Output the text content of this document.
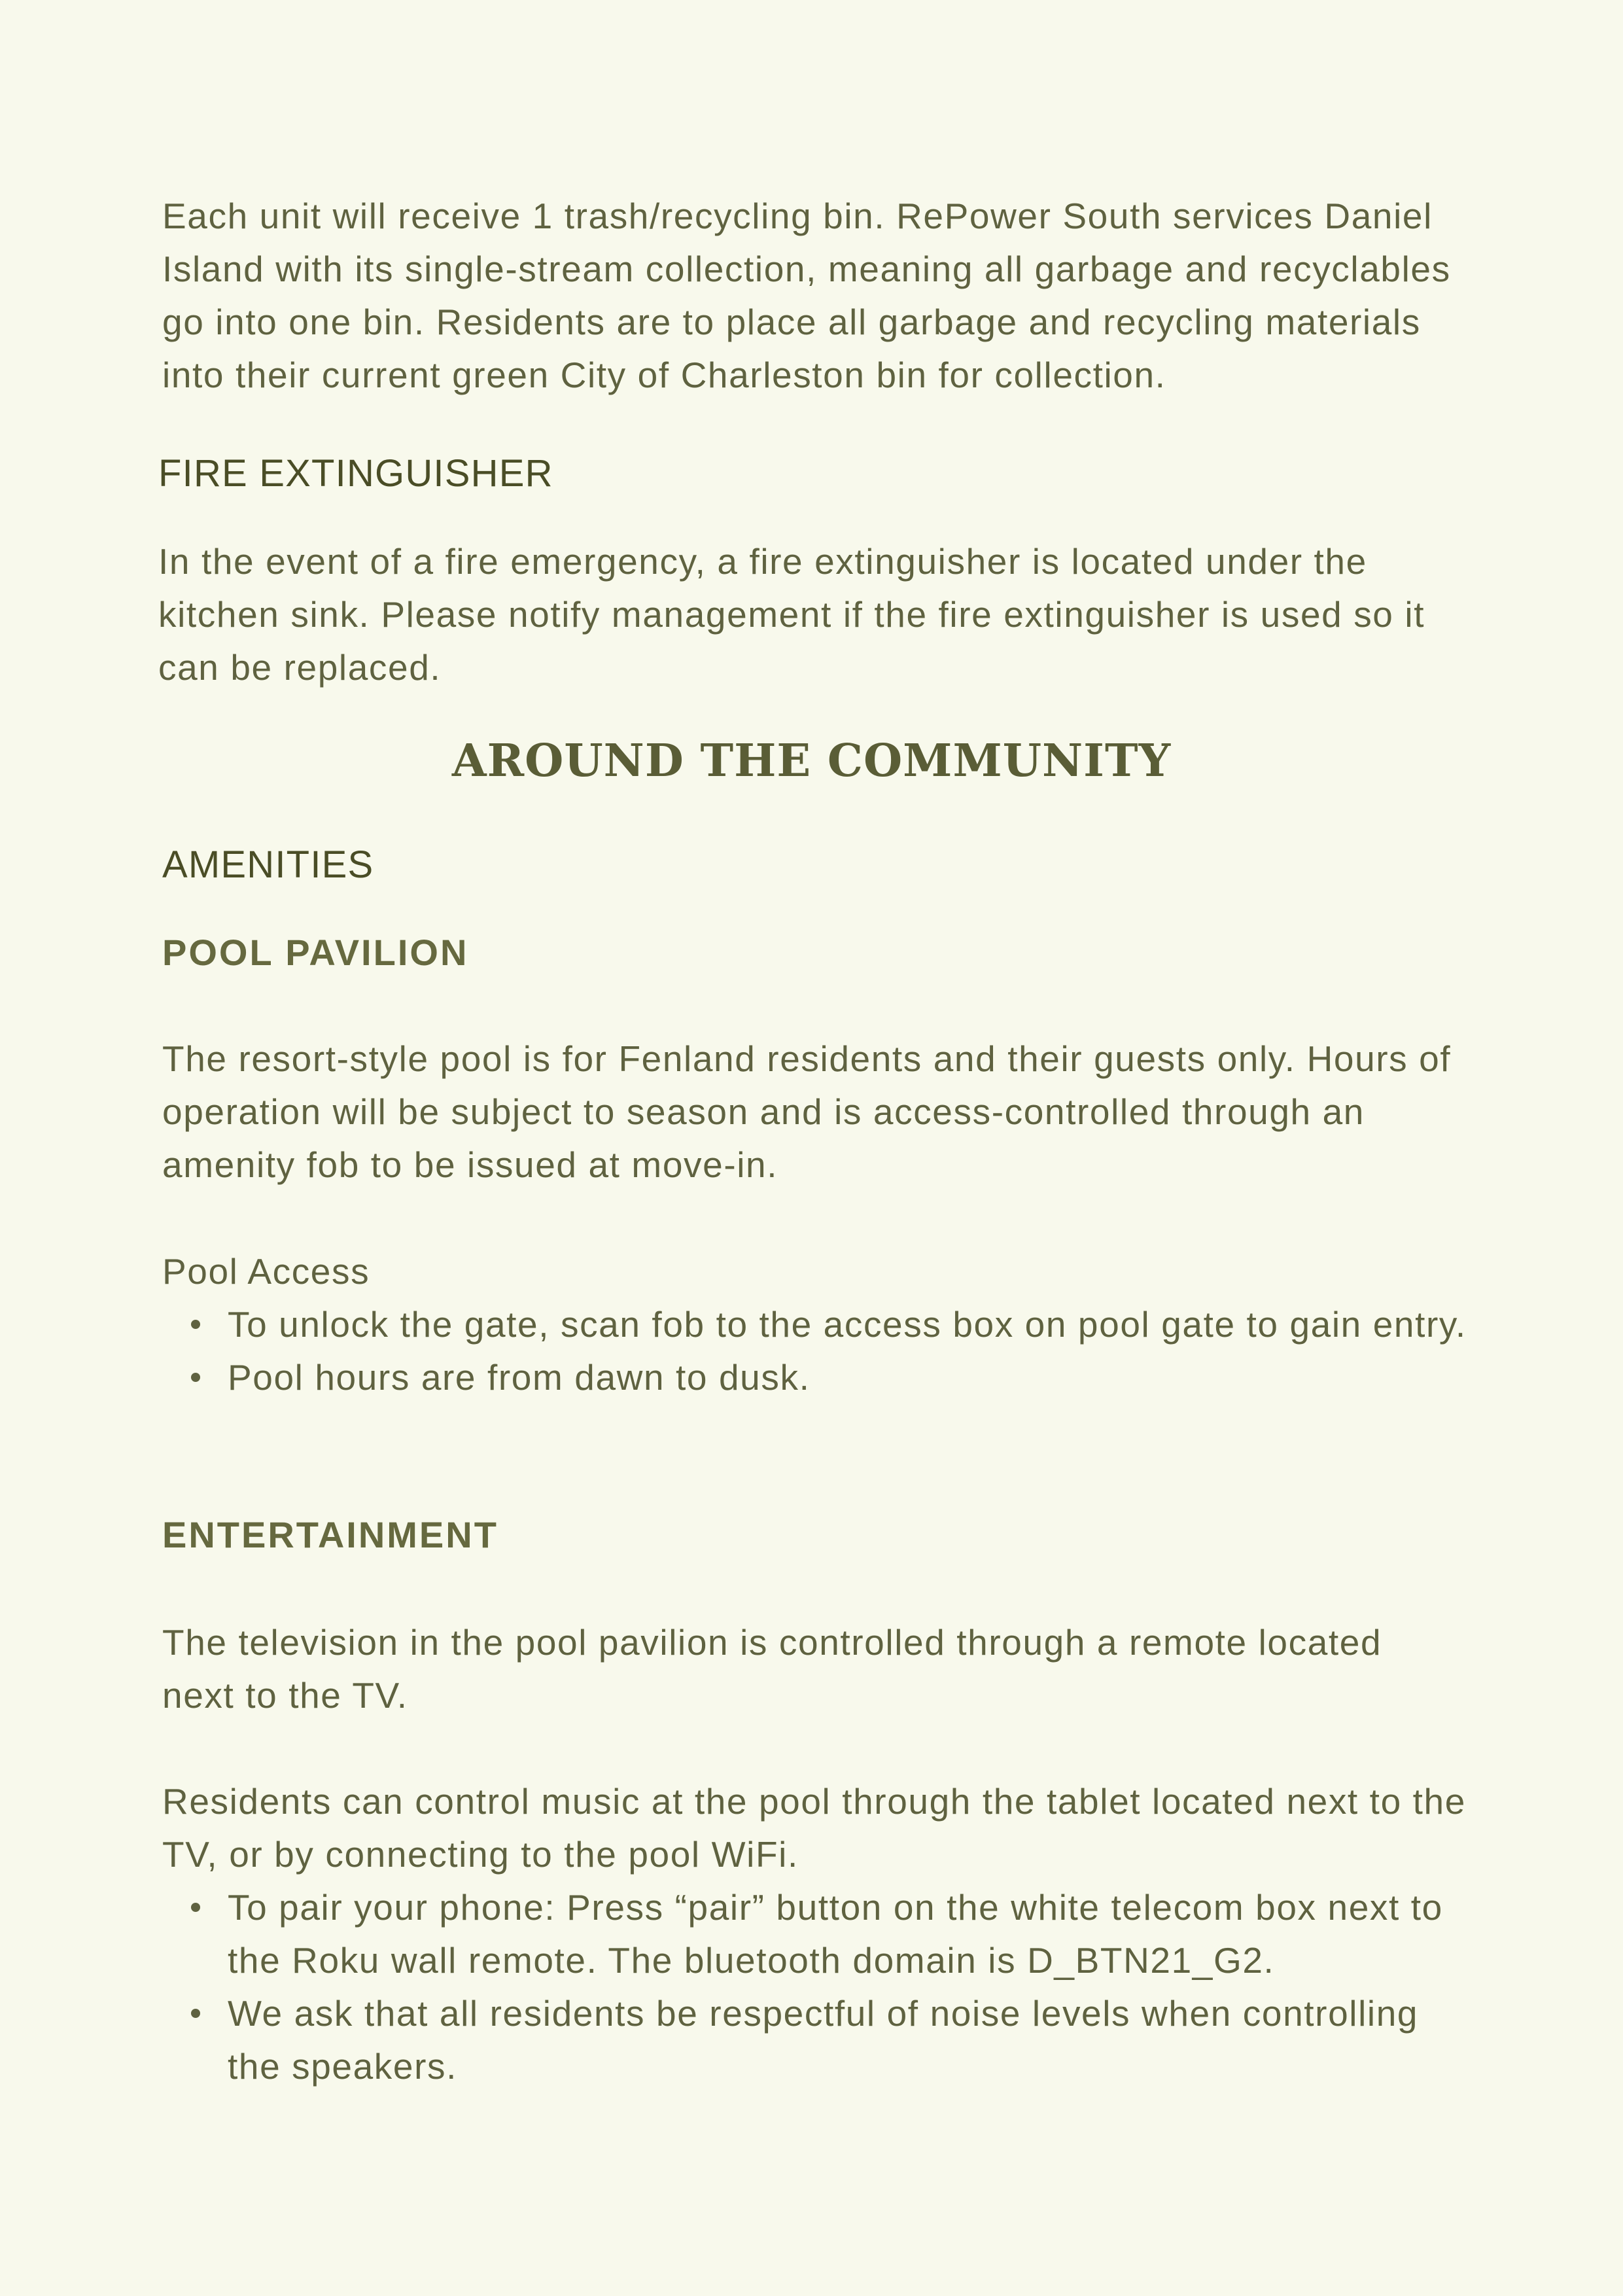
Each unit will receive 1 trash/recycling bin. RePower South services Daniel Island with its single-stream collection, meaning all garbage and recyclables go into one bin. Residents are to place all garbage and recycling materials into their current green City of Charleston bin for collection.

FIRE EXTINGUISHER

In the event of a fire emergency, a fire extinguisher is located under the kitchen sink. Please notify management if the fire extinguisher is used so it can be replaced.

AROUND THE COMMUNITY
AMENITIES
POOL PAVILION

The resort-style pool is for Fenland residents and their guests only. Hours of operation will be subject to season and is access-controlled through an amenity fob to be issued at move-in.

Pool Access

To unlock the gate, scan fob to the access box on pool gate to gain entry.
Pool hours are from dawn to dusk.
ENTERTAINMENT

The television in the pool pavilion is controlled through a remote located next to the TV.

Residents can control music at the pool through the tablet located next to the TV, or by connecting to the pool WiFi.

To pair your phone: Press “pair” button on the white telecom box next to the Roku wall remote. The bluetooth domain is D_BTN21_G2.
We ask that all residents be respectful of noise levels when controlling the speakers.
